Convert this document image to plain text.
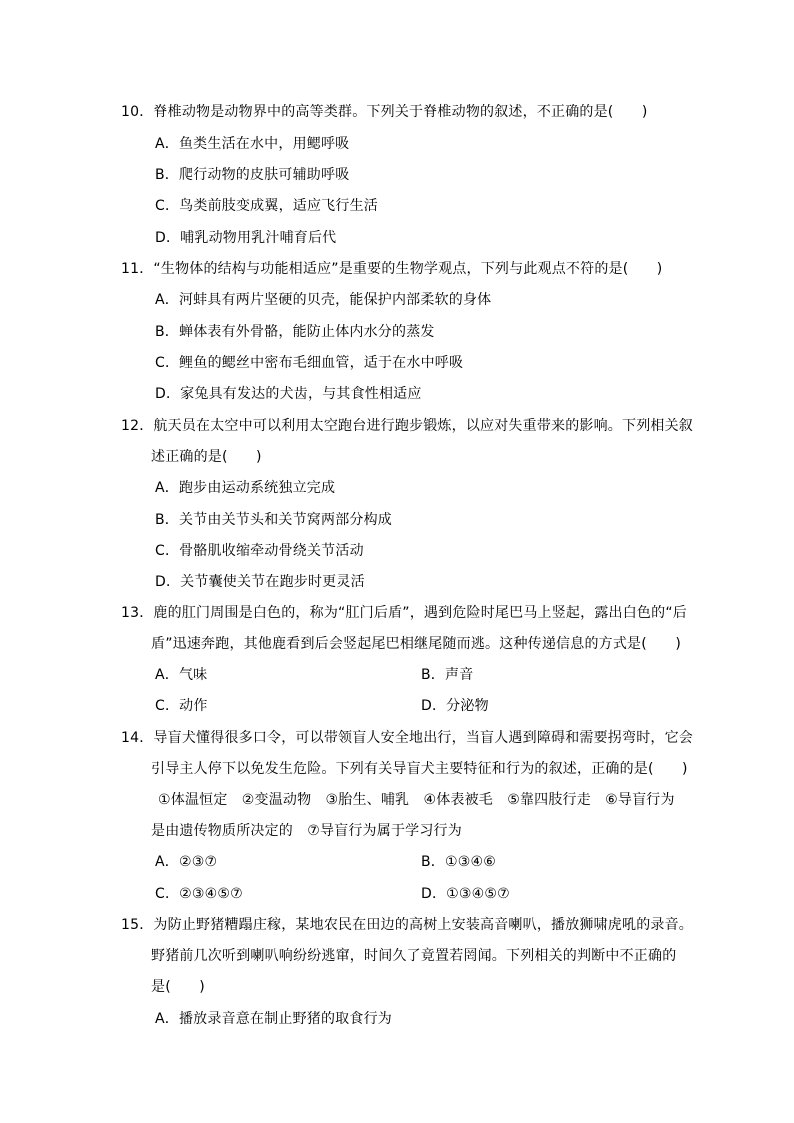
10．脊椎动物是动物界中的高等类群。下列关于脊椎动物的叙述，不正确的是(　　)
A．鱼类生活在水中，用鳃呼吸
B．爬行动物的皮肤可辅助呼吸
C．鸟类前肢变成翼，适应飞行生活
D．哺乳动物用乳汁哺育后代
11．“生物体的结构与功能相适应”是重要的生物学观点，下列与此观点不符的是(　　)
A．河蚌具有两片坚硬的贝壳，能保护内部柔软的身体
B．蝉体表有外骨骼，能防止体内水分的蒸发
C．鲤鱼的鳃丝中密布毛细血管，适于在水中呼吸
D．家兔具有发达的犬齿，与其食性相适应
12．航天员在太空中可以利用太空跑台进行跑步锻炼，以应对失重带来的影响。下列相关叙
述正确的是(　　)
A．跑步由运动系统独立完成
B．关节由关节头和关节窝两部分构成
C．骨骼肌收缩牵动骨绕关节活动
D．关节囊使关节在跑步时更灵活
13．鹿的肛门周围是白色的，称为“肛门后盾”，遇到危险时尾巴马上竖起，露出白色的“后
盾”迅速奔跑，其他鹿看到后会竖起尾巴相继尾随而逃。这种传递信息的方式是(　　)
A．气味	B．声音
C．动作	D．分泌物
14．导盲犬懂得很多口令，可以带领盲人安全地出行，当盲人遇到障碍和需要拐弯时，它会
引导主人停下以免发生危险。下列有关导盲犬主要特征和行为的叙述，正确的是(　　)
①体温恒定　②变温动物　③胎生、哺乳　④体表被毛　⑤靠四肢行走　⑥导盲行为
是由遗传物质所决定的　⑦导盲行为属于学习行为
A．②③⑦	B．①③④⑥
C．②③④⑤⑦	D．①③④⑤⑦
15．为防止野猪糟蹋庄稼，某地农民在田边的高树上安装高音喇叭，播放狮啸虎吼的录音。
野猪前几次听到喇叭响纷纷逃窜，时间久了竟置若罔闻。下列相关的判断中不正确的
是(　　)
A．播放录音意在制止野猪的取食行为
